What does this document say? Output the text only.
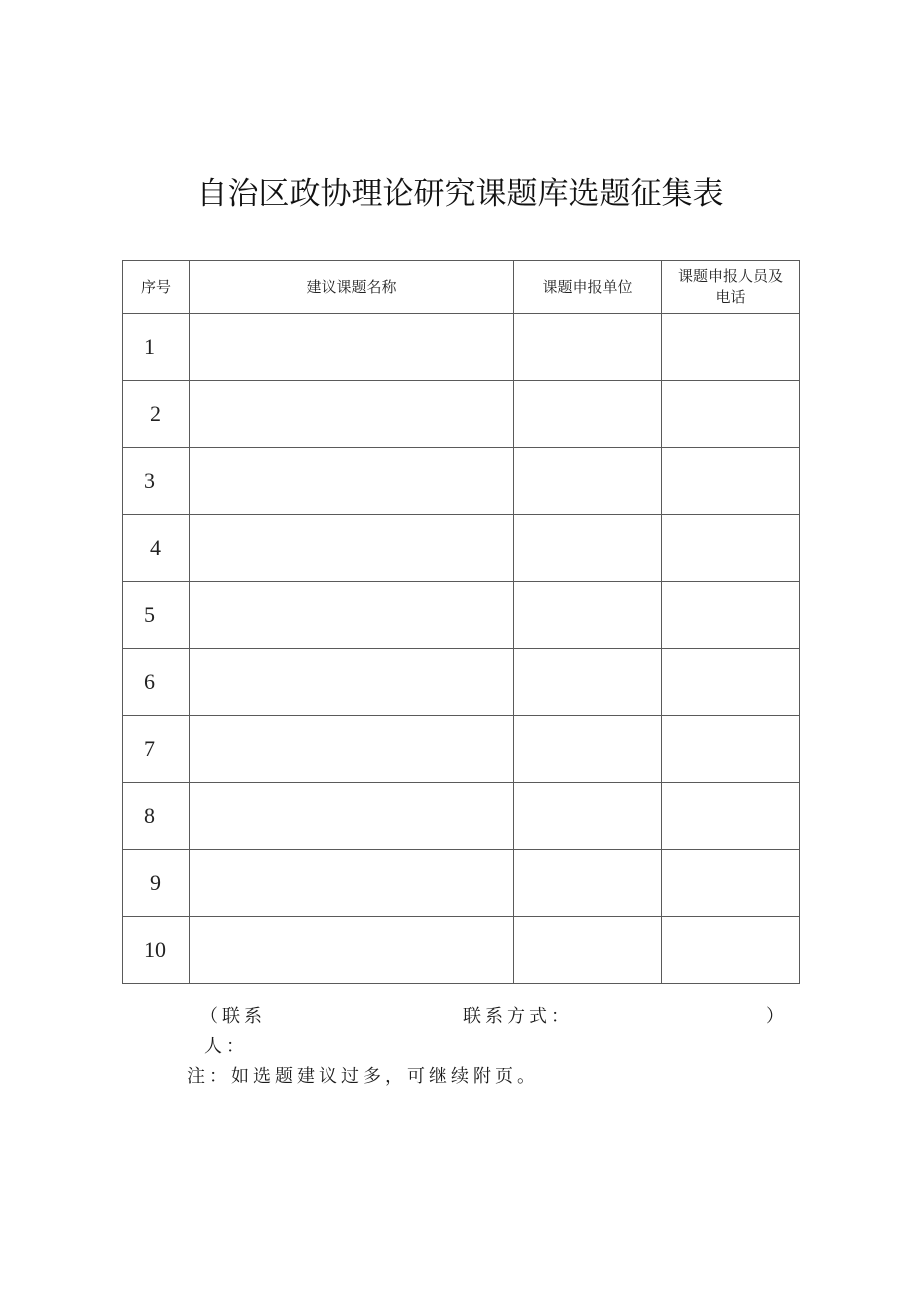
自治区政协理论研究课题库选题征集表
序号	建议课题名称	课题申报单位	课题申报人员及
电话
1			
2			
3			
4			
5			
6			
7			
8			
9			
10			
（联系	联系方式：	）
人：
注：如选题建议过多，可继续附页。
